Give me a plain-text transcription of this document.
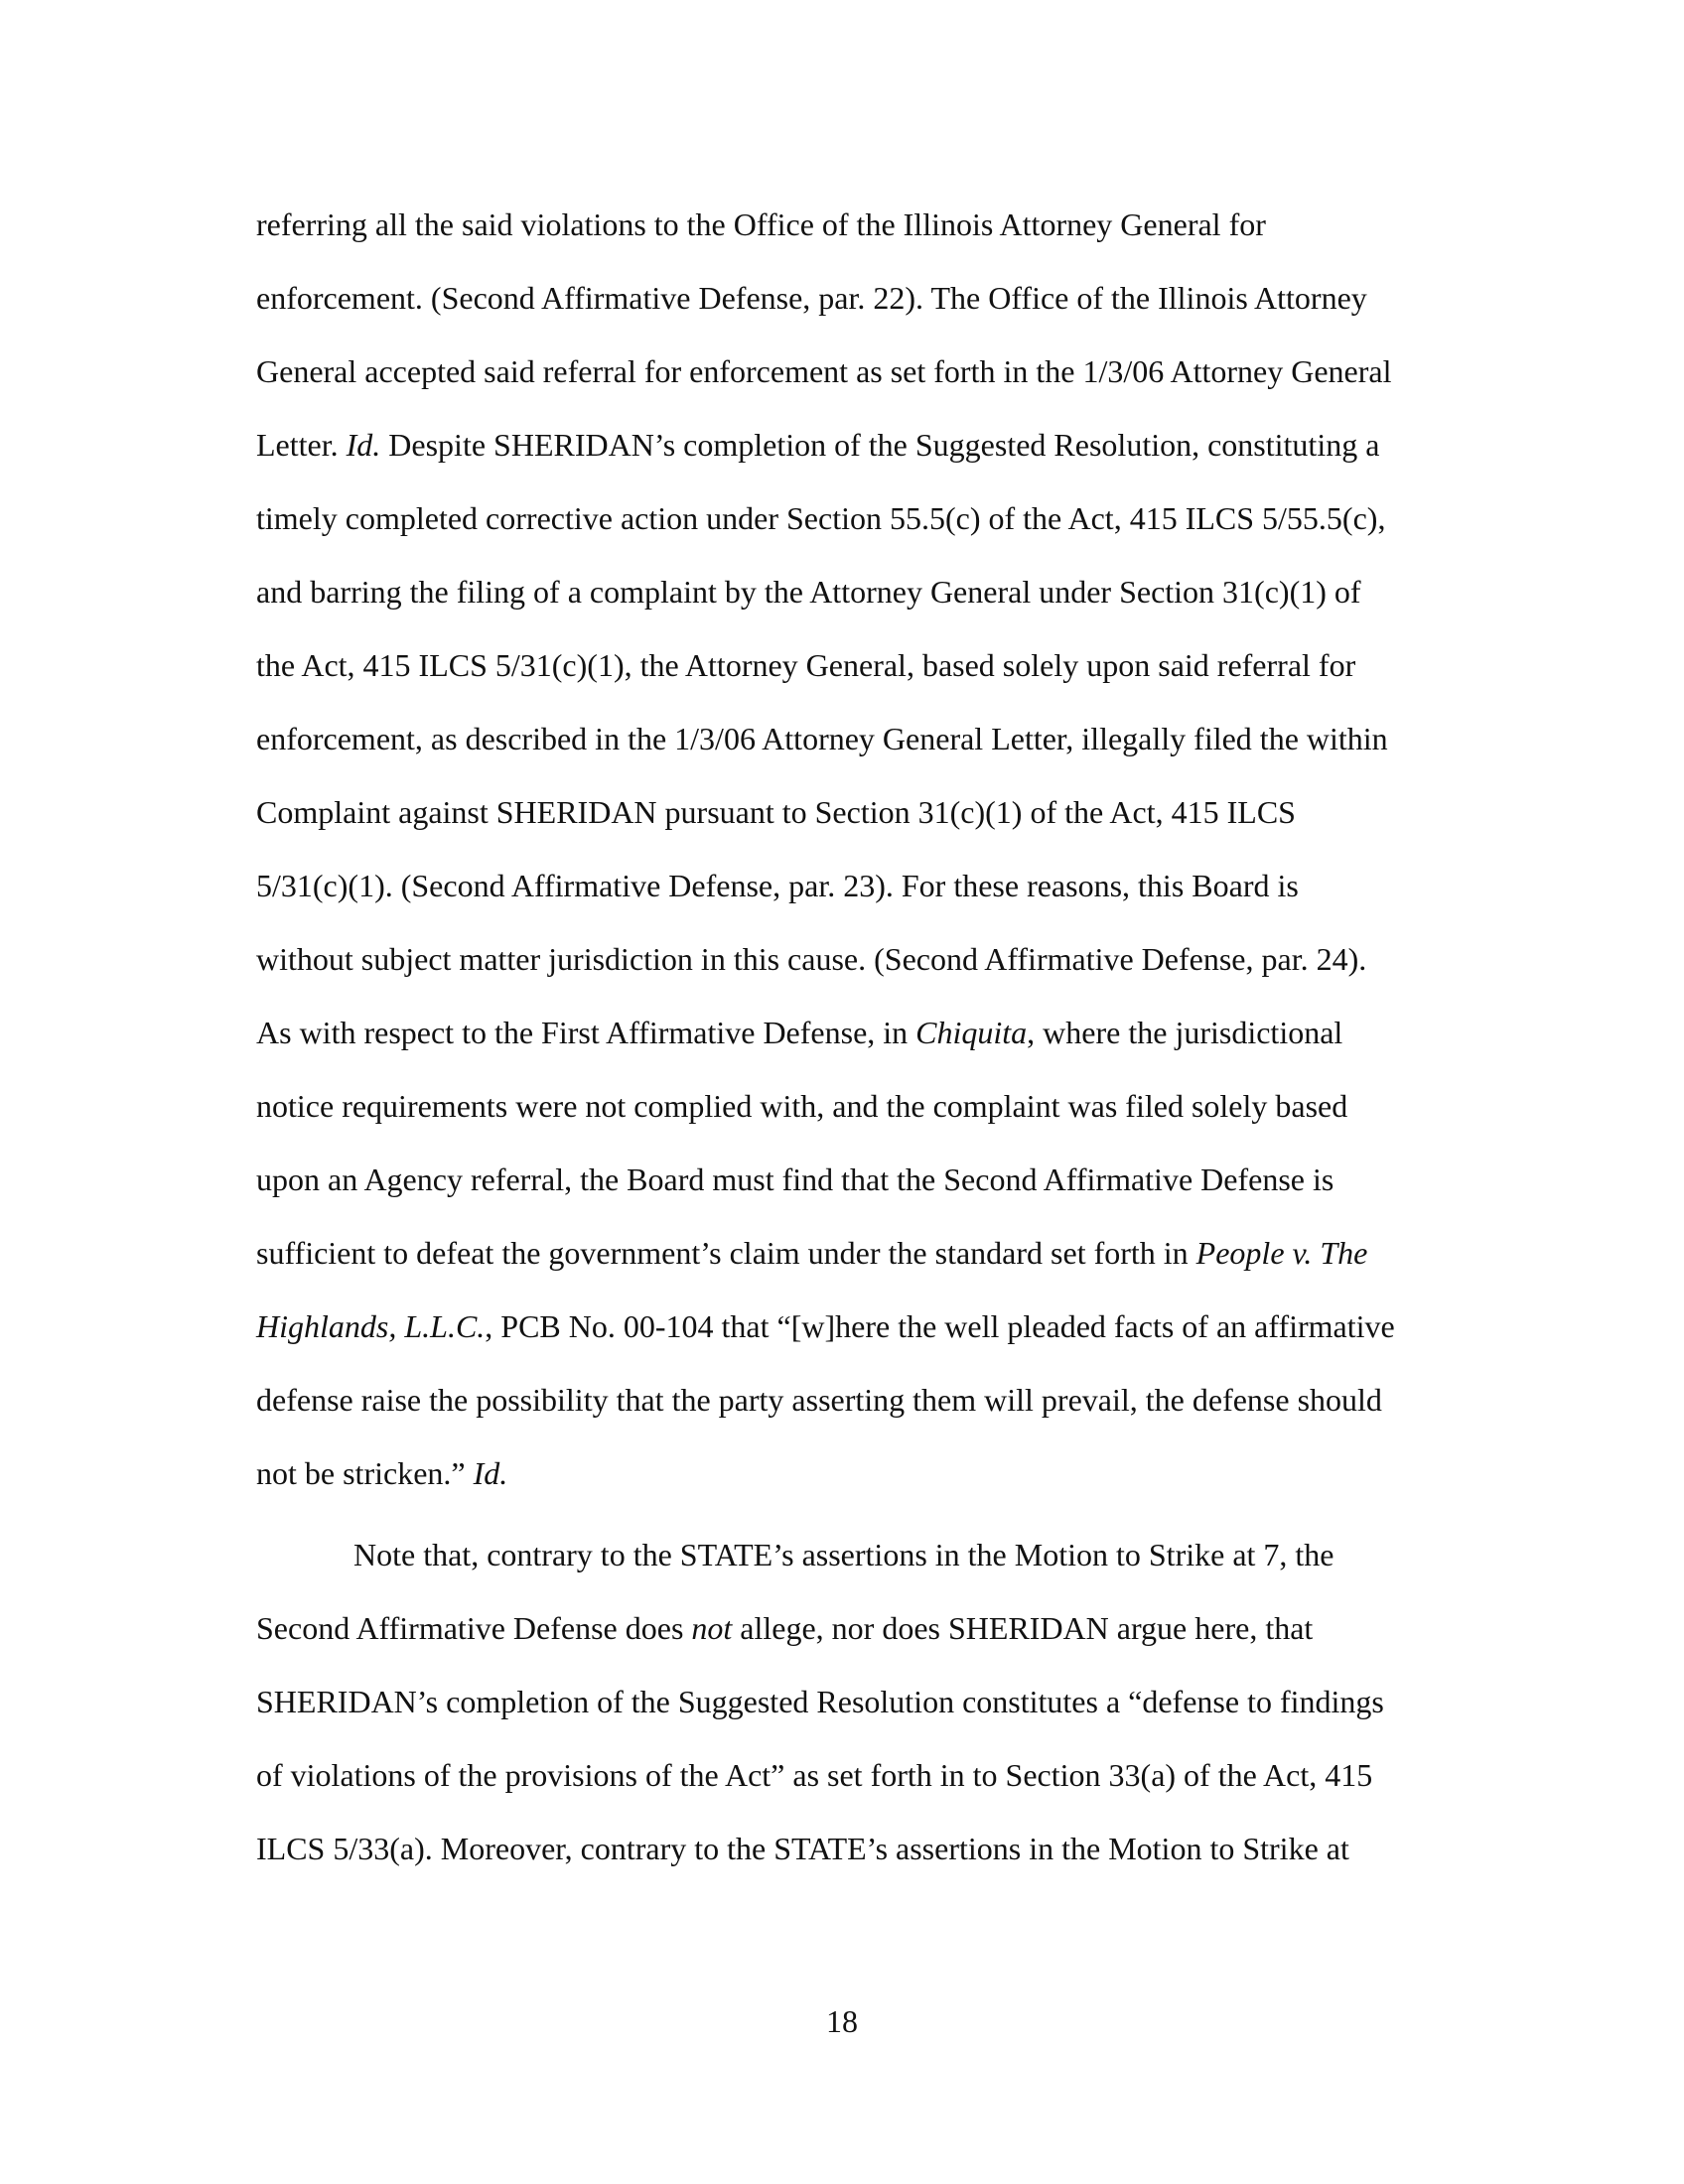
referring all the said violations to the Office of the Illinois Attorney General for
enforcement. (Second Affirmative Defense, par. 22). The Office of the Illinois Attorney
General accepted said referral for enforcement as set forth in the 1/3/06 Attorney General
Letter. Id. Despite SHERIDAN’s completion of the Suggested Resolution, constituting a
timely completed corrective action under Section 55.5(c) of the Act, 415 ILCS 5/55.5(c),
and barring the filing of a complaint by the Attorney General under Section 31(c)(1) of
the Act, 415 ILCS 5/31(c)(1), the Attorney General, based solely upon said referral for
enforcement, as described in the 1/3/06 Attorney General Letter, illegally filed the within
Complaint against SHERIDAN pursuant to Section 31(c)(1) of the Act, 415 ILCS
5/31(c)(1). (Second Affirmative Defense, par. 23). For these reasons, this Board is
without subject matter jurisdiction in this cause. (Second Affirmative Defense, par. 24).
As with respect to the First Affirmative Defense, in Chiquita, where the jurisdictional
notice requirements were not complied with, and the complaint was filed solely based
upon an Agency referral, the Board must find that the Second Affirmative Defense is
sufficient to defeat the government’s claim under the standard set forth in People v. The
Highlands, L.L.C., PCB No. 00-104 that “[w]here the well pleaded facts of an affirmative
defense raise the possibility that the party asserting them will prevail, the defense should
not be stricken.” Id.
Note that, contrary to the STATE’s assertions in the Motion to Strike at 7, the
Second Affirmative Defense does not allege, nor does SHERIDAN argue here, that
SHERIDAN’s completion of the Suggested Resolution constitutes a “defense to findings
of violations of the provisions of the Act” as set forth in to Section 33(a) of the Act, 415
ILCS 5/33(a). Moreover, contrary to the STATE’s assertions in the Motion to Strike at
18
